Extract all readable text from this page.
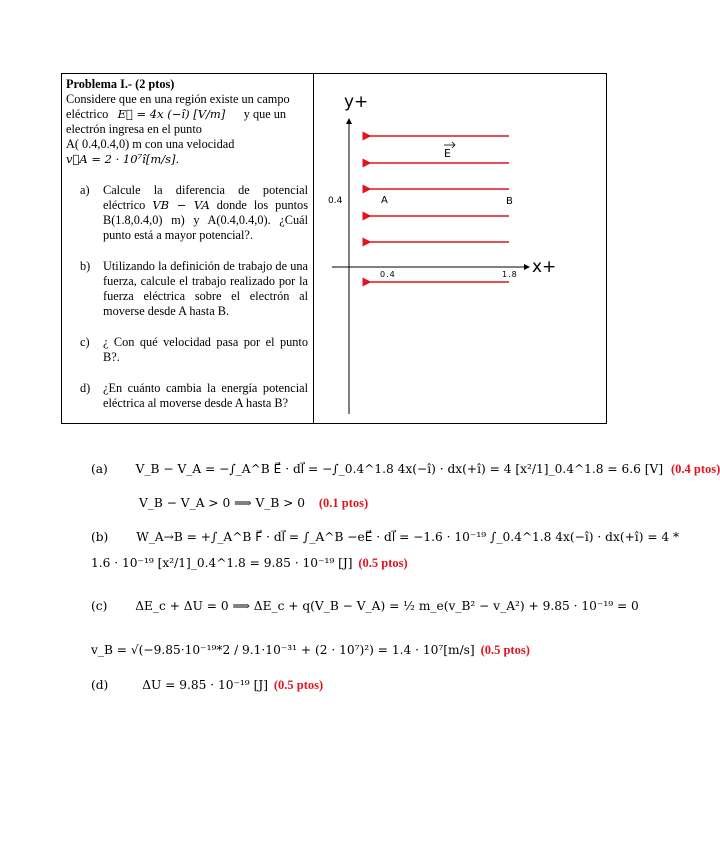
Problema I.- (2 ptos)

Considere que en una región existe un campo

eléctrico E⃗ = 4x (−î) [V/m] y que un

electrón ingresa en el punto

A( 0.4,0.4,0) m con una velocidad

v⃗A = 2 · 10⁷î[m/s].

a)	Calcule la diferencia de potencial eléctrico VB − VA donde los puntos B(1.8,0.4,0) m) y A(0.4,0.4,0). ¿Cuál punto está a mayor potencial?.
b)	Utilizando la definición de trabajo de una fuerza, calcule el trabajo realizado por la fuerza eléctrica sobre el electrón al moverse desde A hasta B.
c)	¿ Con qué velocidad pasa por el punto B?.
d)	¿En cuánto cambia la energía potencial eléctrica al moverse desde A hasta B?
y+
x+
E
0.4	A	B
0.4	1.8
(a) V_B − V_A = −∫_A^B E⃗ · dl⃗ = −∫_0.4^1.8 4x(−î) · dx(+î) = 4 [x²/1]_0.4^1.8 = 6.6 [V] (0.4 ptos)
V_B − V_A > 0 ⟹ V_B > 0 (0.1 ptos)
(b) W_A→B = +∫_A^B F⃗ · dl⃗ = ∫_A^B −eE⃗ · dl⃗ = −1.6 · 10⁻¹⁹ ∫_0.4^1.8 4x(−î) · dx(+î) = 4 *
1.6 · 10⁻¹⁹ [x²/1]_0.4^1.8 = 9.85 · 10⁻¹⁹ [J] (0.5 ptos)
(c) ΔE_c + ΔU = 0 ⟹ ΔE_c + q(V_B − V_A) = ½ m_e(v_B² − v_A²) + 9.85 · 10⁻¹⁹ = 0
v_B = √(−9.85·10⁻¹⁹*2 / 9.1·10⁻³¹ + (2 · 10⁷)²) = 1.4 · 10⁷[m/s] (0.5 ptos)
(d)	ΔU = 9.85 · 10⁻¹⁹ [J] (0.5 ptos)
